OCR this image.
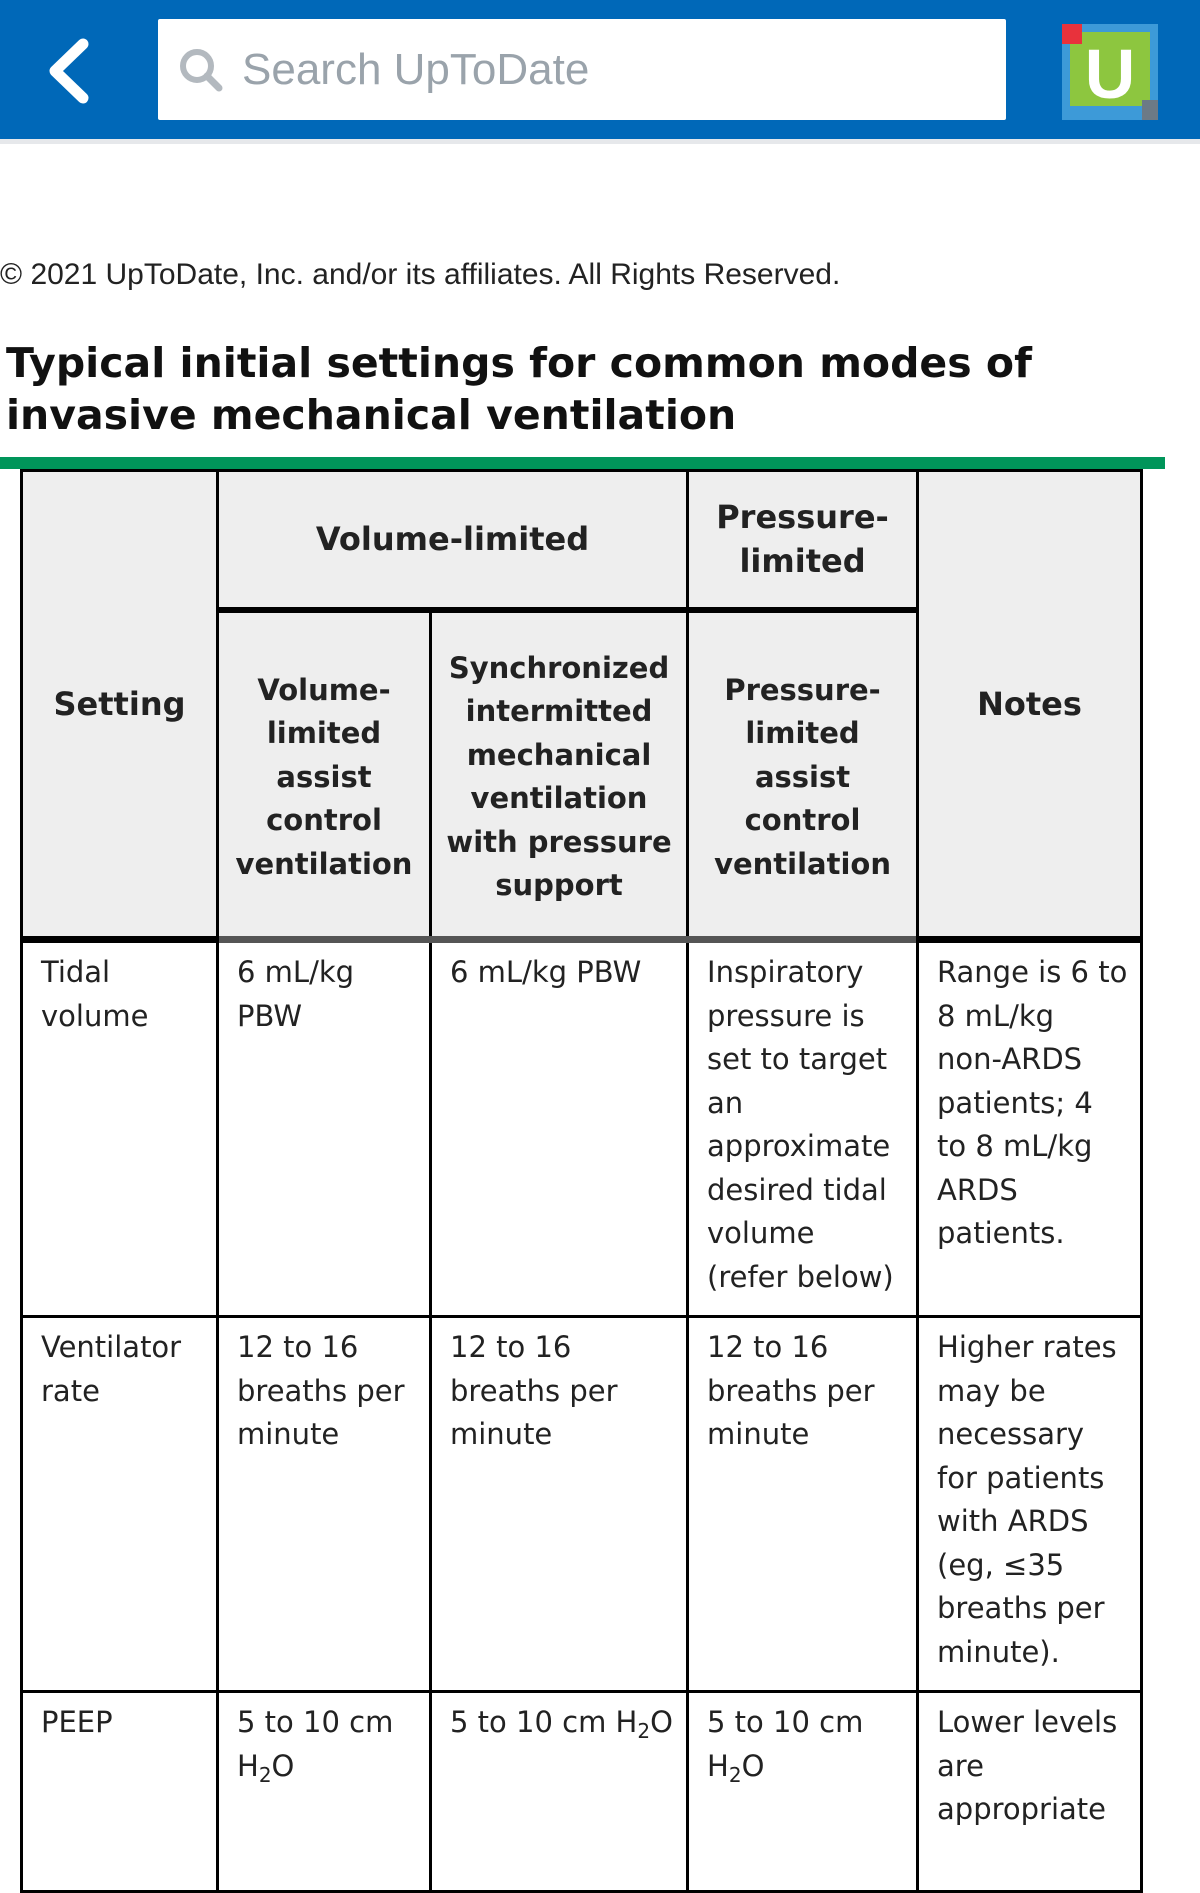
Search UpToDate
U
© 2021 UpToDate, Inc. and/or its affiliates. All Rights Reserved.
Typical initial settings for common modes of invasive mechanical ventilation
Setting	Volume-limited		Pressure-limited	Notes
	Volume-limited assist control ventilation	Synchronized intermitted mechanical ventilation with pressure support	Pressure-limited assist control ventilation	
Tidal volume	6 mL/kg PBW	6 mL/kg PBW	Inspiratory pressure is set to target an approximate desired tidal volume (refer below)	Range is 6 to 8 mL/kg non-ARDS patients; 4 to 8 mL/kg ARDS patients.
Ventilator rate	12 to 16 breaths per minute	12 to 16 breaths per minute	12 to 16 breaths per minute	Higher rates may be necessary for patients with ARDS (eg, ≤35 breaths per minute).
PEEP	5 to 10 cm $H_2O$	5 to 10 cm $H_2O$	5 to 10 cm $H_2O$	Lower levels are appropriate
